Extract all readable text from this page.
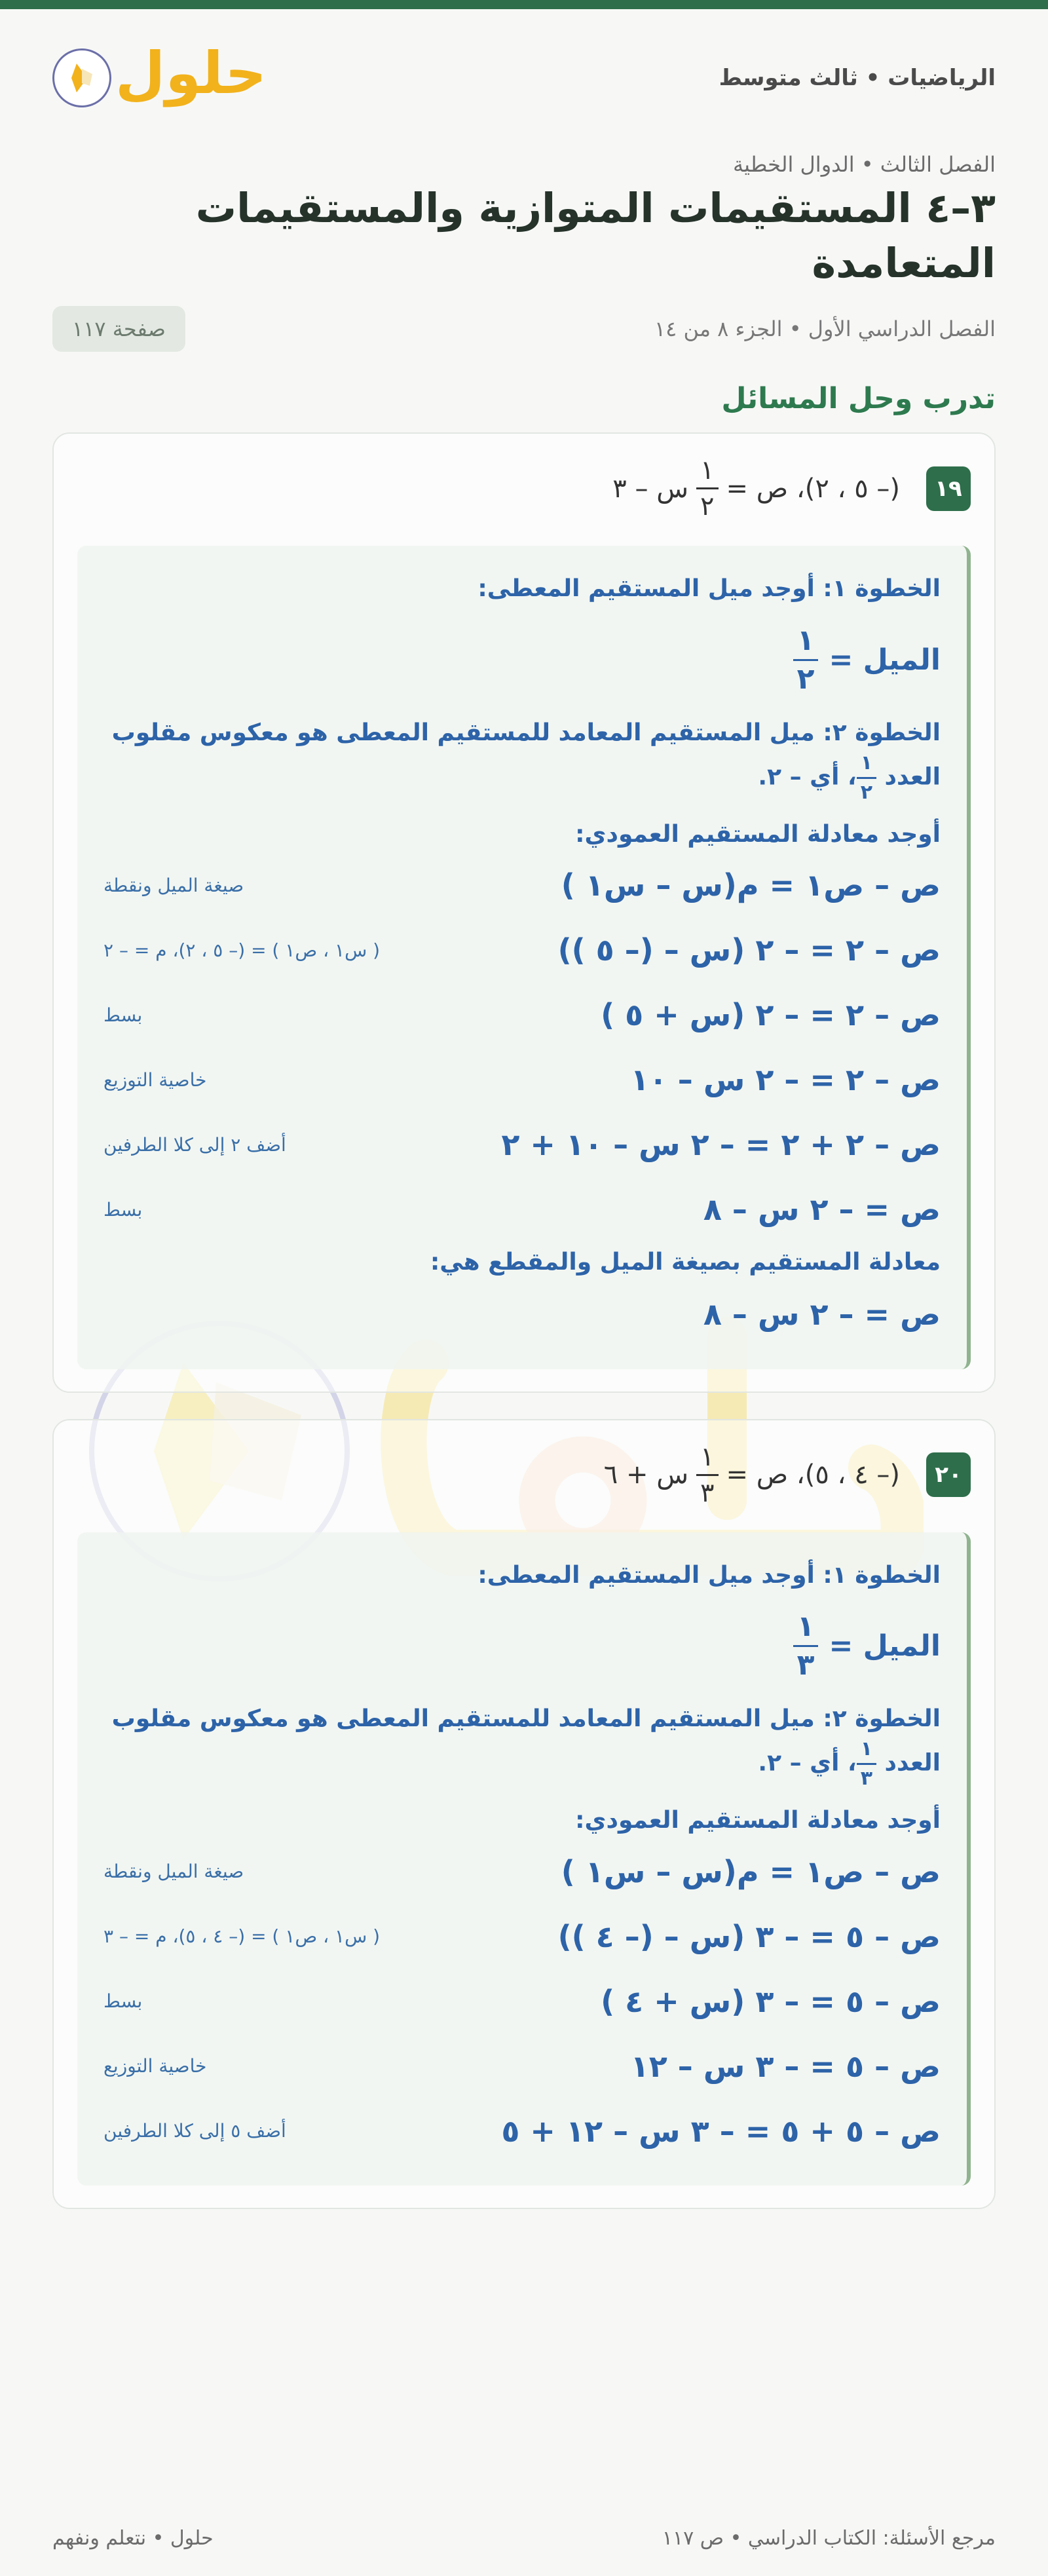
الرياضيات • ثالث متوسط
حلول
الفصل الثالث • الدوال الخطية
٣–٤ المستقيمات المتوازية والمستقيمات المتعامدة
الفصل الدراسي الأول • الجزء ٨ من ١٤
صفحة ١١٧
تدرب وحل المسائل
١٩
(– ٥ ، ٢)، ص =
$\frac{١}{٢}$
س – ٣
الخطوة ١: أوجد ميل المستقيم المعطى:
الميل =
$\frac{١}{٢}$
الخطوة ٢: ميل المستقيم المعامد للمستقيم المعطى هو معكوس مقلوب العدد
$\frac{١}{٢}$
، أي – ٢.
أوجد معادلة المستقيم العمودي:
ص – ص١ = م(س – س١ )
صيغة الميل ونقطة
ص – ٢ = – ٢ (س – (– ٥ ))
( س١ ، ص١ ) = (– ٥ ، ٢)، م = – ٢
ص – ٢ = – ٢ (س + ٥ )
بسط
ص – ٢ = – ٢ س – ١٠
خاصية التوزيع
ص – ٢ + ٢ = – ٢ س – ١٠ + ٢
أضف ٢ إلى كلا الطرفين
ص = – ٢ س – ٨
بسط
معادلة المستقيم بصيغة الميل والمقطع هي:
ص = – ٢ س – ٨
٢٠
(– ٤ ، ٥)، ص =
$\frac{١}{٣}$
س + ٦
الخطوة ١: أوجد ميل المستقيم المعطى:
الميل =
$\frac{١}{٣}$
الخطوة ٢: ميل المستقيم المعامد للمستقيم المعطى هو معكوس مقلوب العدد
$\frac{١}{٣}$
، أي – ٢.
أوجد معادلة المستقيم العمودي:
ص – ص١ = م(س – س١ )
صيغة الميل ونقطة
ص – ٥ = – ٣ (س – (– ٤ ))
( س١ ، ص١ ) = (– ٤ ، ٥)، م = – ٣
ص – ٥ = – ٣ (س + ٤ )
بسط
ص – ٥ = – ٣ س – ١٢
خاصية التوزيع
ص – ٥ + ٥ = – ٣ س – ١٢ + ٥
أضف ٥ إلى كلا الطرفين
مرجع الأسئلة: الكتاب الدراسي • ص ١١٧
حلول • نتعلم ونفهم
